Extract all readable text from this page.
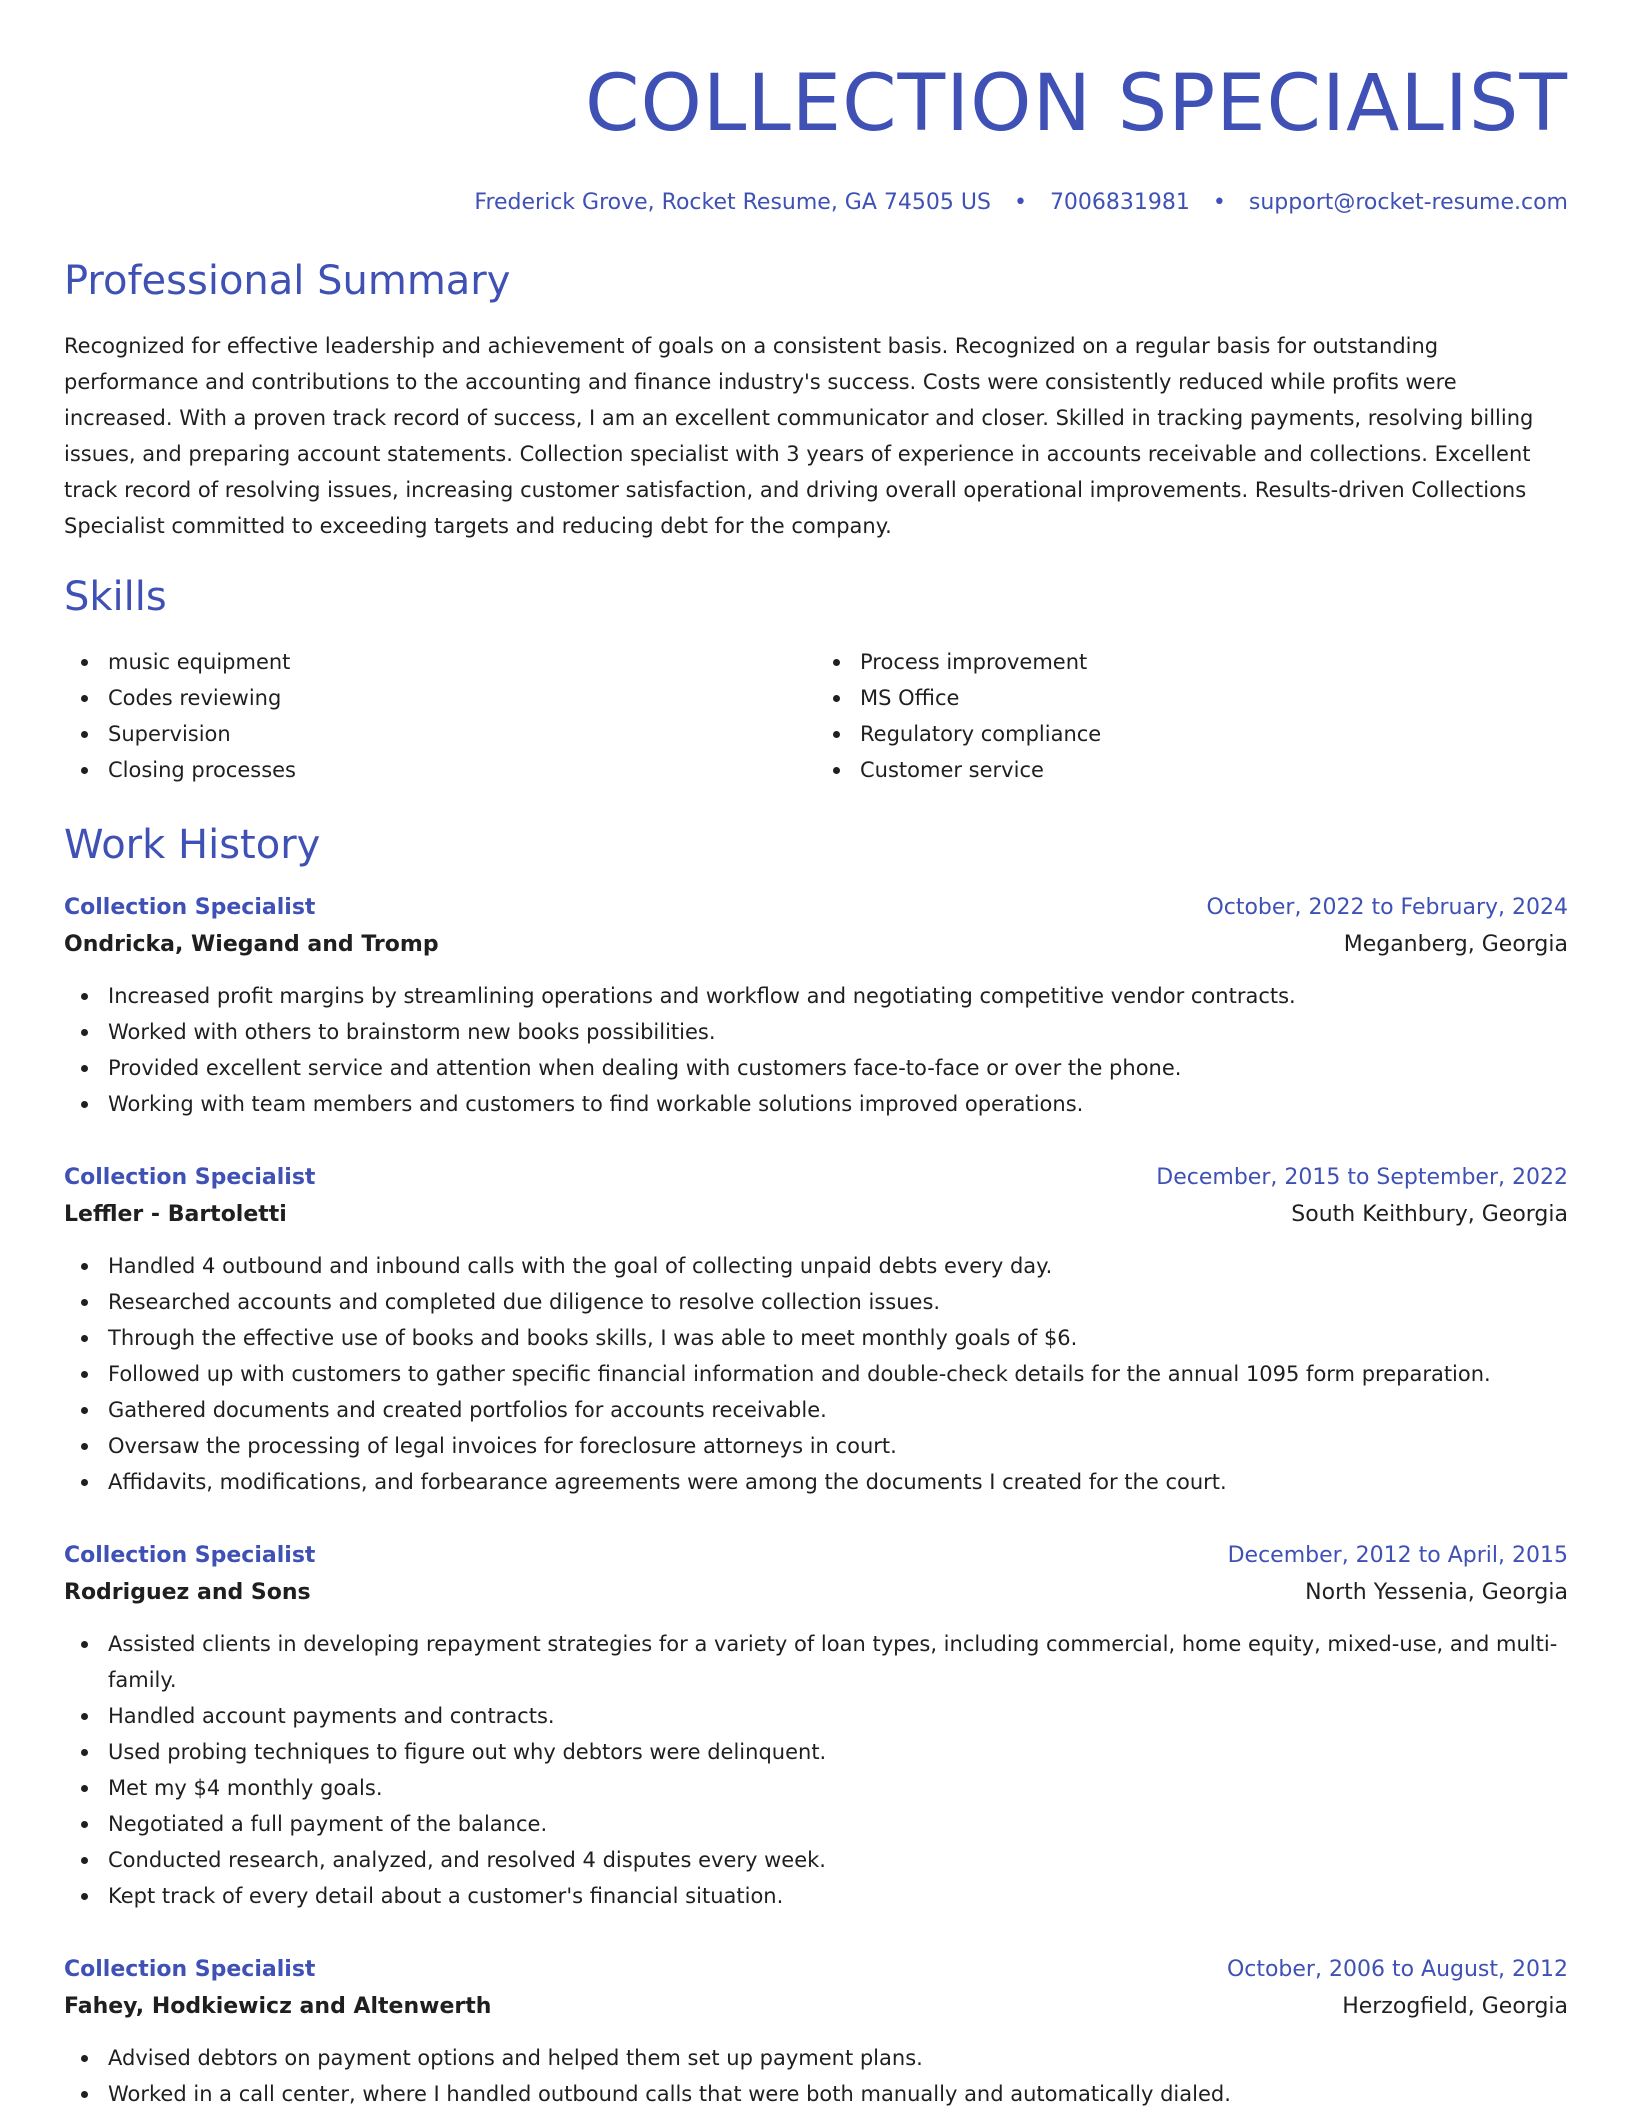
COLLECTION SPECIALIST
Frederick Grove, Rocket Resume, GA 74505 US • 7006831981 • support@rocket-resume.com
Professional Summary

Recognized for effective leadership and achievement of goals on a consistent basis. Recognized on a regular basis for outstanding performance and contributions to the accounting and finance industry's success. Costs were consistently reduced while profits were increased. With a proven track record of success, I am an excellent communicator and closer. Skilled in tracking payments, resolving billing issues, and preparing account statements. Collection specialist with 3 years of experience in accounts receivable and collections. Excellent track record of resolving issues, increasing customer satisfaction, and driving overall operational improvements. Results-driven Collections Specialist committed to exceeding targets and reducing debt for the company.

Skills
music equipment
Codes reviewing
Supervision
Closing processes
Process improvement
MS Office
Regulatory compliance
Customer service
Work History
Collection Specialist	October, 2022 to February, 2024
Ondricka, Wiegand and Tromp	Meganberg, Georgia
Increased profit margins by streamlining operations and workflow and negotiating competitive vendor contracts.
Worked with others to brainstorm new books possibilities.
Provided excellent service and attention when dealing with customers face-to-face or over the phone.
Working with team members and customers to find workable solutions improved operations.
Collection Specialist	December, 2015 to September, 2022
Leffler - Bartoletti	South Keithbury, Georgia
Handled 4 outbound and inbound calls with the goal of collecting unpaid debts every day.
Researched accounts and completed due diligence to resolve collection issues.
Through the effective use of books and books skills, I was able to meet monthly goals of $6.
Followed up with customers to gather specific financial information and double-check details for the annual 1095 form preparation.
Gathered documents and created portfolios for accounts receivable.
Oversaw the processing of legal invoices for foreclosure attorneys in court.
Affidavits, modifications, and forbearance agreements were among the documents I created for the court.
Collection Specialist	December, 2012 to April, 2015
Rodriguez and Sons	North Yessenia, Georgia
Assisted clients in developing repayment strategies for a variety of loan types, including commercial, home equity, mixed-use, and multi-family.
Handled account payments and contracts.
Used probing techniques to figure out why debtors were delinquent.
Met my $4 monthly goals.
Negotiated a full payment of the balance.
Conducted research, analyzed, and resolved 4 disputes every week.
Kept track of every detail about a customer's financial situation.
Collection Specialist	October, 2006 to August, 2012
Fahey, Hodkiewicz and Altenwerth	Herzogfield, Georgia
Advised debtors on payment options and helped them set up payment plans.
Worked in a call center, where I handled outbound calls that were both manually and automatically dialed.
